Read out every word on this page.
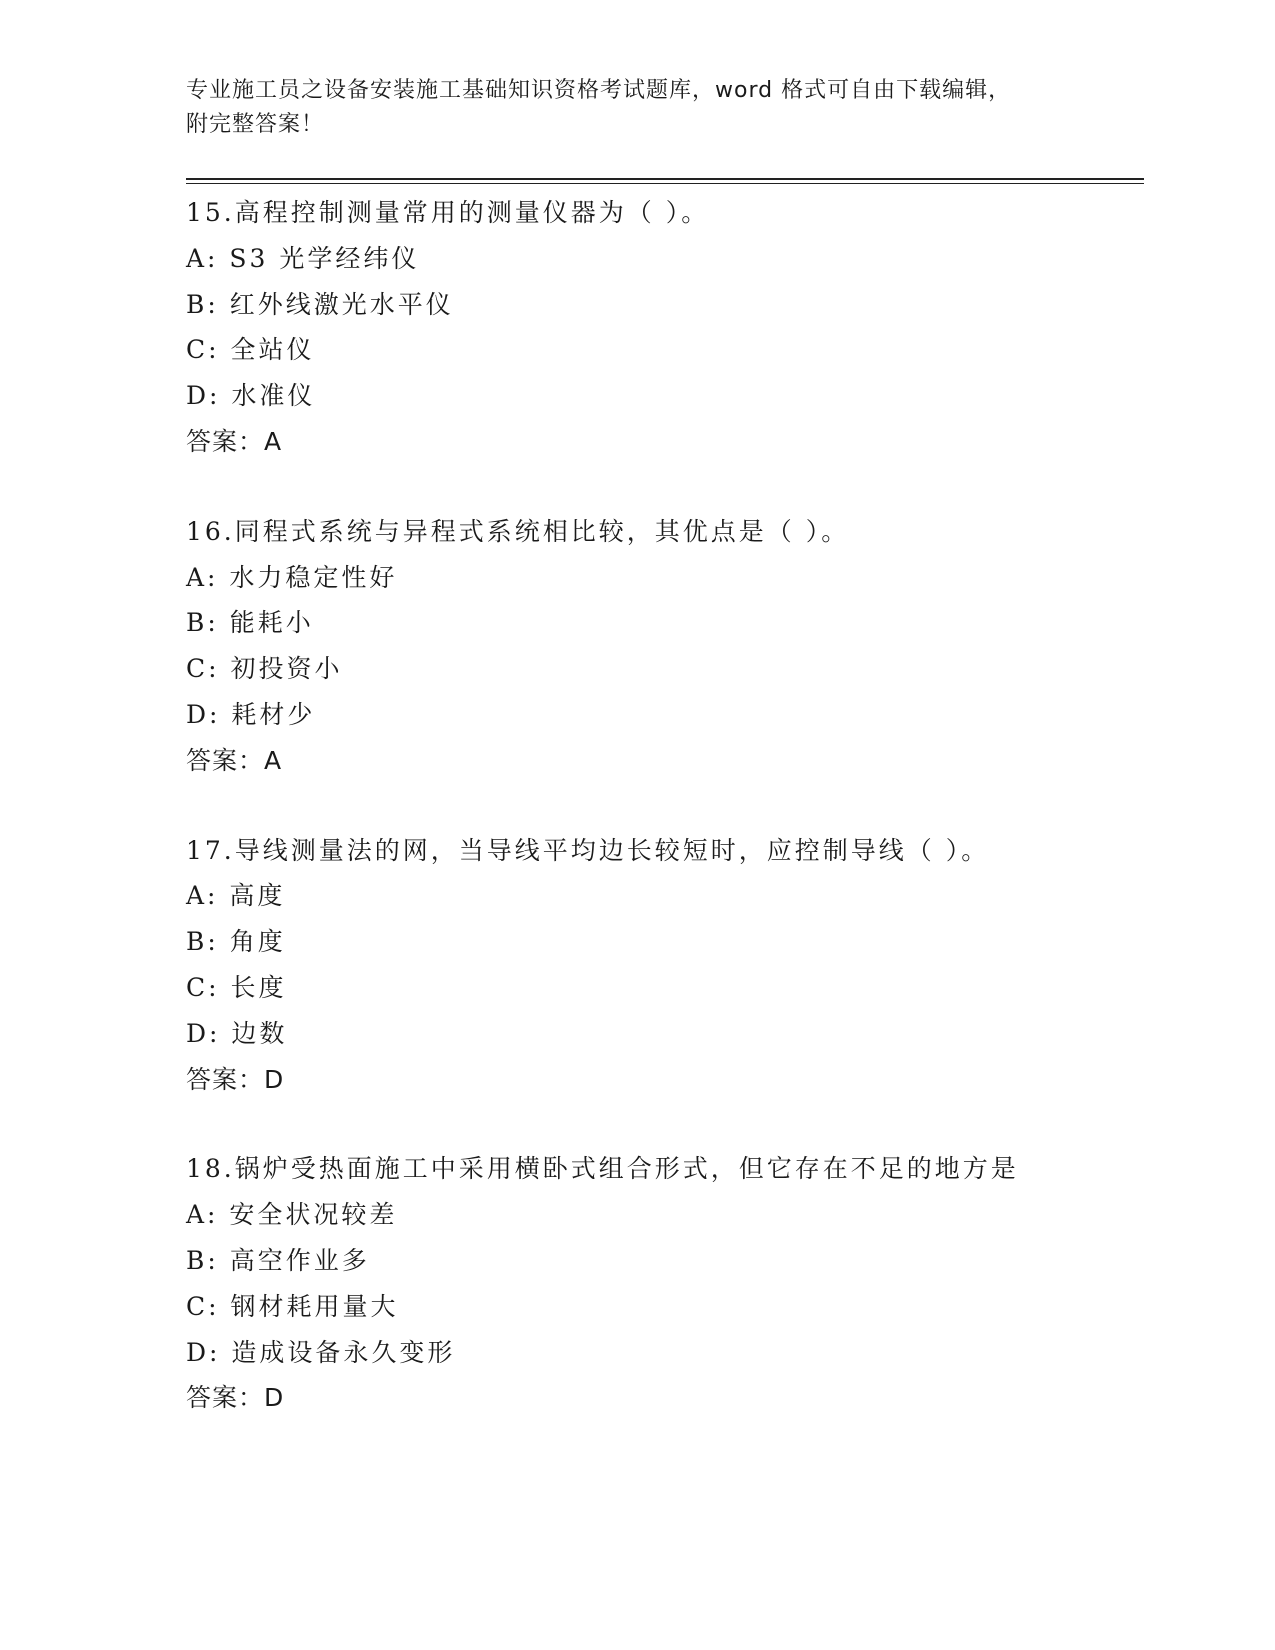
专业施工员之设备安装施工基础知识资格考试题库，word 格式可自由下载编辑，
附完整答案！
15.高程控制测量常用的测量仪器为（ ）。
A: S3 光学经纬仪
B: 红外线激光水平仪
C: 全站仪
D: 水准仪
答案：A
16.同程式系统与异程式系统相比较，其优点是（ ）。
A: 水力稳定性好
B: 能耗小
C: 初投资小
D: 耗材少
答案：A
17.导线测量法的网，当导线平均边长较短时，应控制导线（ ）。
A: 高度
B: 角度
C: 长度
D: 边数
答案：D
18.锅炉受热面施工中采用横卧式组合形式，但它存在不足的地方是
A: 安全状况较差
B: 高空作业多
C: 钢材耗用量大
D: 造成设备永久变形
答案：D
